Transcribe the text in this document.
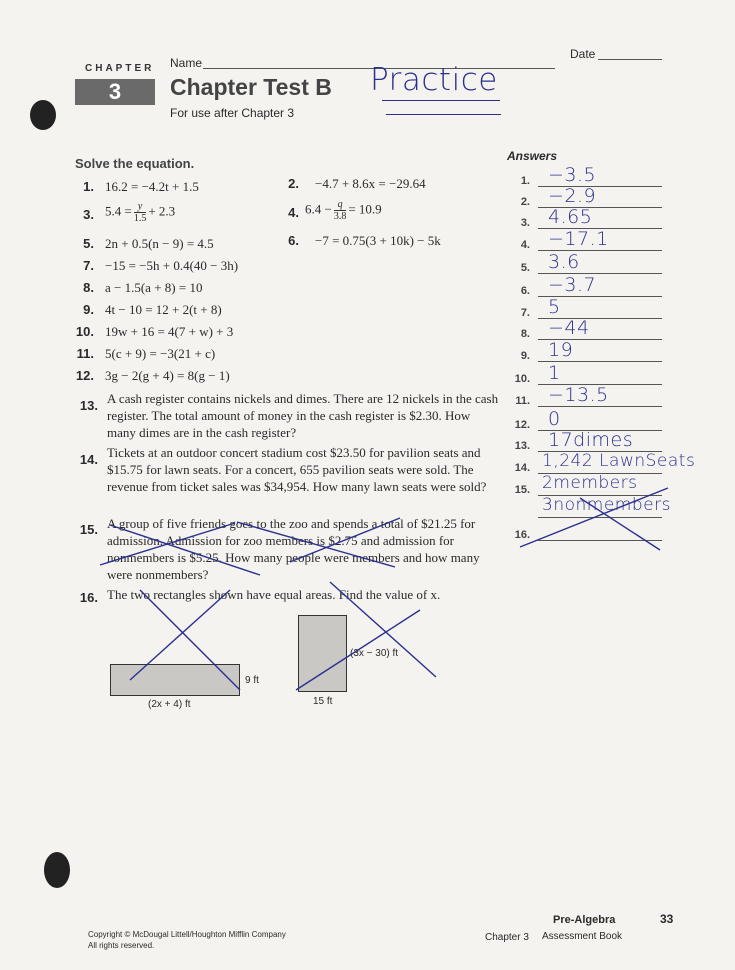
CHAPTER
3
Name
Date
Chapter Test B Practice
For use after Chapter 3
Solve the equation.
1. 16.2 = −4.2t + 1.5	2. −4.7 + 8.6x = −29.64
3. $5.4 = \frac{y}{1.5} + 2.3$	4. $6.4 - \frac{q}{3.8} = 10.9$
5. 2n + 0.5(n − 9) = 4.5	6. −7 = 0.75(3 + 10k) − 5k
7. −15 = −5h + 0.4(40 − 3h)
8. a − 1.5(a + 8) = 10
9. 4t − 10 = 12 + 2(t + 8)
10. 19w + 16 = 4(7 + w) + 3
11. 5(c + 9) = −3(21 + c)
12. 3g − 2(g + 4) = 8(g − 1)
13. A cash register contains nickels and dimes. There are 12 nickels in the cash register. The total amount of money in the cash register is $2.30. How many dimes are in the cash register?
14. Tickets at an outdoor concert stadium cost $23.50 for pavilion seats and $15.75 for lawn seats. For a concert, 655 pavilion seats were sold. The revenue from ticket sales was $34,954. How many lawn seats were sold?
15. A group of five friends goes to the zoo and spends a total of $21.25 for admission. Admission for zoo members is $2.75 and admission for nonmembers is $5.25. How many people were members and how many were nonmembers?
16. The two rectangles shown have equal areas. Find the value of x.
9 ft
(2x + 4) ft
(3x − 30) ft
15 ft
Answers
1. −3.5
2. −2.9
3. 4.65
4. −17.1
5. 3.6
6. −3.7
7. 5
8. −44
9. 19
10. 1
11. −13.5
12. 0
13. 17dimes
14. 1,242 LawnSeats
15. 2members
3nonmembers
16.
Copyright © McDougal Littell/Houghton Mifflin Company
All rights reserved.
Pre-Algebra	33
Chapter 3 Assessment Book
